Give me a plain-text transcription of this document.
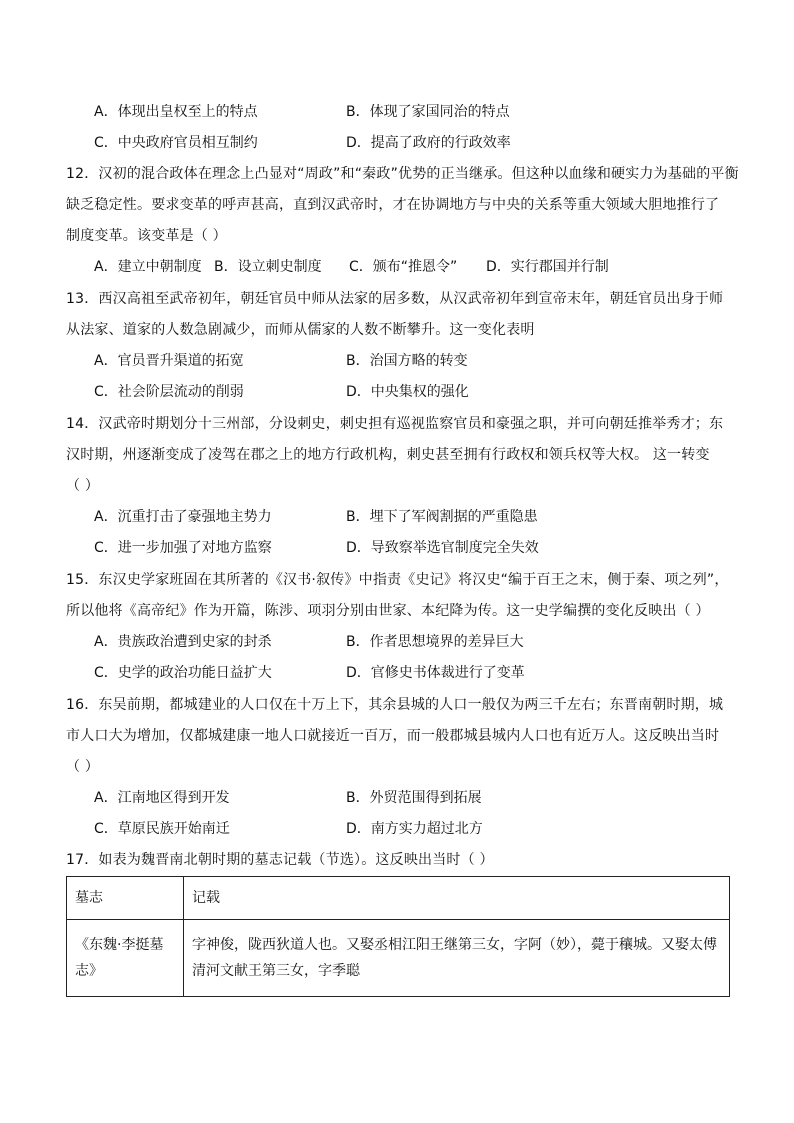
A．体现出皇权至上的特点	B．体现了家国同治的特点
C．中央政府官员相互制约	D．提高了政府的行政效率
12．汉初的混合政体在理念上凸显对“周政”和“秦政”优势的正当继承。但这种以血缘和硬实力为基础的平衡
缺乏稳定性。要求变革的呼声甚高，直到汉武帝时，才在协调地方与中央的关系等重大领域大胆地推行了
制度变革。该变革是（ ）
A．建立中朝制度 B．设立刺史制度 C．颁布“推恩令” D．实行郡国并行制
13．西汉高祖至武帝初年，朝廷官员中师从法家的居多数，从汉武帝初年到宣帝末年，朝廷官员出身于师
从法家、道家的人数急剧减少，而师从儒家的人数不断攀升。这一变化表明
A．官员晋升渠道的拓宽	B．治国方略的转变
C．社会阶层流动的削弱	D．中央集权的强化
14．汉武帝时期划分十三州部，分设刺史，刺史担有巡视监察官员和豪强之职，并可向朝廷推举秀才；东
汉时期，州逐渐变成了凌驾在郡之上的地方行政机构，刺史甚至拥有行政权和领兵权等大权。 这一转变
（ ）
A．沉重打击了豪强地主势力	B．埋下了军阀割据的严重隐患
C．进一步加强了对地方监察	D．导致察举选官制度完全失效
15．东汉史学家班固在其所著的《汉书·叙传》中指责《史记》将汉史“编于百王之末，侧于秦、项之列”，
所以他将《高帝纪》作为开篇，陈涉、项羽分别由世家、本纪降为传。这一史学编撰的变化反映出（ ）
A．贵族政治遭到史家的封杀	B．作者思想境界的差异巨大
C．史学的政治功能日益扩大	D．官修史书体裁进行了变革
16．东吴前期，都城建业的人口仅在十万上下，其余县城的人口一般仅为两三千左右；东晋南朝时期，城
市人口大为增加，仅都城建康一地人口就接近一百万，而一般郡城县城内人口也有近万人。这反映出当时
（ ）
A．江南地区得到开发	B．外贸范围得到拓展
C．草原民族开始南迁	D．南方实力超过北方
17．如表为魏晋南北朝时期的墓志记载（节选）。这反映出当时（ ）
墓志	记载
《东魏·李挺墓志》	字神俊，陇西狄道人也。又娶丞相江阳王继第三女，字阿（妙），薨于穰城。又娶太傅清河文献王第三女，字季聪
